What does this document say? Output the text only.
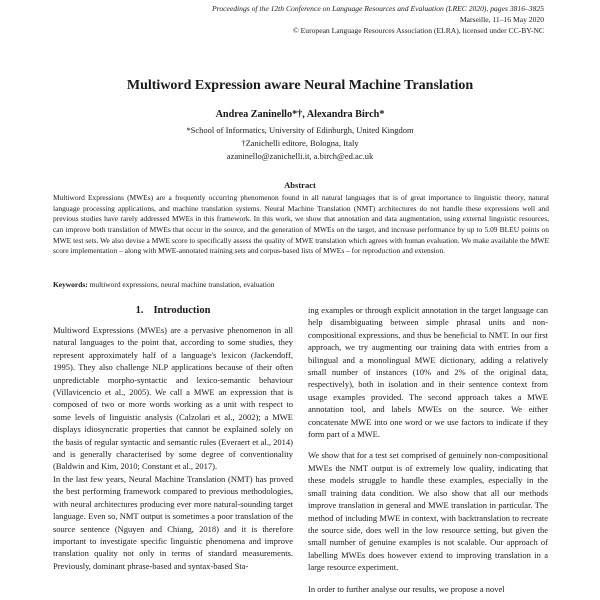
Proceedings of the 12th Conference on Language Resources and Evaluation (LREC 2020), pages 3816–3825
Marseille, 11–16 May 2020
© European Language Resources Association (ELRA), licensed under CC-BY-NC
Multiword Expression aware Neural Machine Translation
Andrea Zaninello*†, Alexandra Birch*
*School of Informatics, University of Edinburgh, United Kingdom
†Zanichelli editore, Bologna, Italy
azaninello@zanichelli.it, a.birch@ed.ac.uk
Abstract
Multiword Expressions (MWEs) are a frequently occurring phenomenon found in all natural languages that is of great importance to linguistic theory, natural language processing applications, and machine translation systems. Neural Machine Translation (NMT) architectures do not handle these expressions well and previous studies have rarely addressed MWEs in this framework. In this work, we show that annotation and data augmentation, using external linguistic resources, can improve both translation of MWEs that occur in the source, and the generation of MWEs on the target, and increase performance by up to 5.09 BLEU points on MWE test sets. We also devise a MWE score to specifically assess the quality of MWE translation which agrees with human evaluation. We make available the MWE score implementation – along with MWE-annotated training sets and corpus-based lists of MWEs – for reproduction and extension.
Keywords: multiword expressions, neural machine translation, evaluation
1. Introduction

Multiword Expressions (MWEs) are a pervasive phenomenon in all natural languages to the point that, according to some studies, they represent approximately half of a language's lexicon (Jackendoff, 1995). They also challenge NLP applications because of their often unpredictable morpho-syntactic and lexico-semantic behaviour (Villavicencio et al., 2005). We call a MWE an expression that is composed of two or more words working as a unit with respect to some levels of linguistic analysis (Calzolari et al., 2002); a MWE displays idiosyncratic properties that cannot be explained solely on the basis of regular syntactic and semantic rules (Everaert et al., 2014) and is generally characterised by some degree of conventionality (Baldwin and Kim, 2010; Constant et al., 2017).

In the last few years, Neural Machine Translation (NMT) has proved the best performing framework compared to previous methodologies, with neural architectures producing ever more natural-sounding target language. Even so, NMT output is sometimes a poor translation of the source sentence (Nguyen and Chiang, 2018) and it is therefore important to investigate specific linguistic phenomena and improve translation quality not only in terms of standard measurements. Previously, dominant phrase-based and syntax-based Sta-

ing examples or through explicit annotation in the target language can help disambiguating between simple phrasal units and non-compositional expressions, and thus be beneficial to NMT. In our first approach, we try augmenting our training data with entries from a bilingual and a monolingual MWE dictionary, adding a relatively small number of instances (10% and 2% of the original data, respectively), both in isolation and in their sentence context from usage examples provided. The second approach takes a MWE annotation tool, and labels MWEs on the source. We either concatenate MWE into one word or we use factors to indicate if they form part of a MWE.

We show that for a test set comprised of genuinely non-compositional MWEs the NMT output is of extremely low quality, indicating that these models struggle to handle these examples, especially in the small training data condition. We also show that all our methods improve translation in general and MWE translation in particular. The method of including MWE in context, with backtranslation to recreate the source side, does well in the low resource setting, but given the small number of genuine examples is not scalable. Our approach of labelling MWEs does however extend to improving translation in a large resource experiment.

In order to further analyse our results, we propose a novel
